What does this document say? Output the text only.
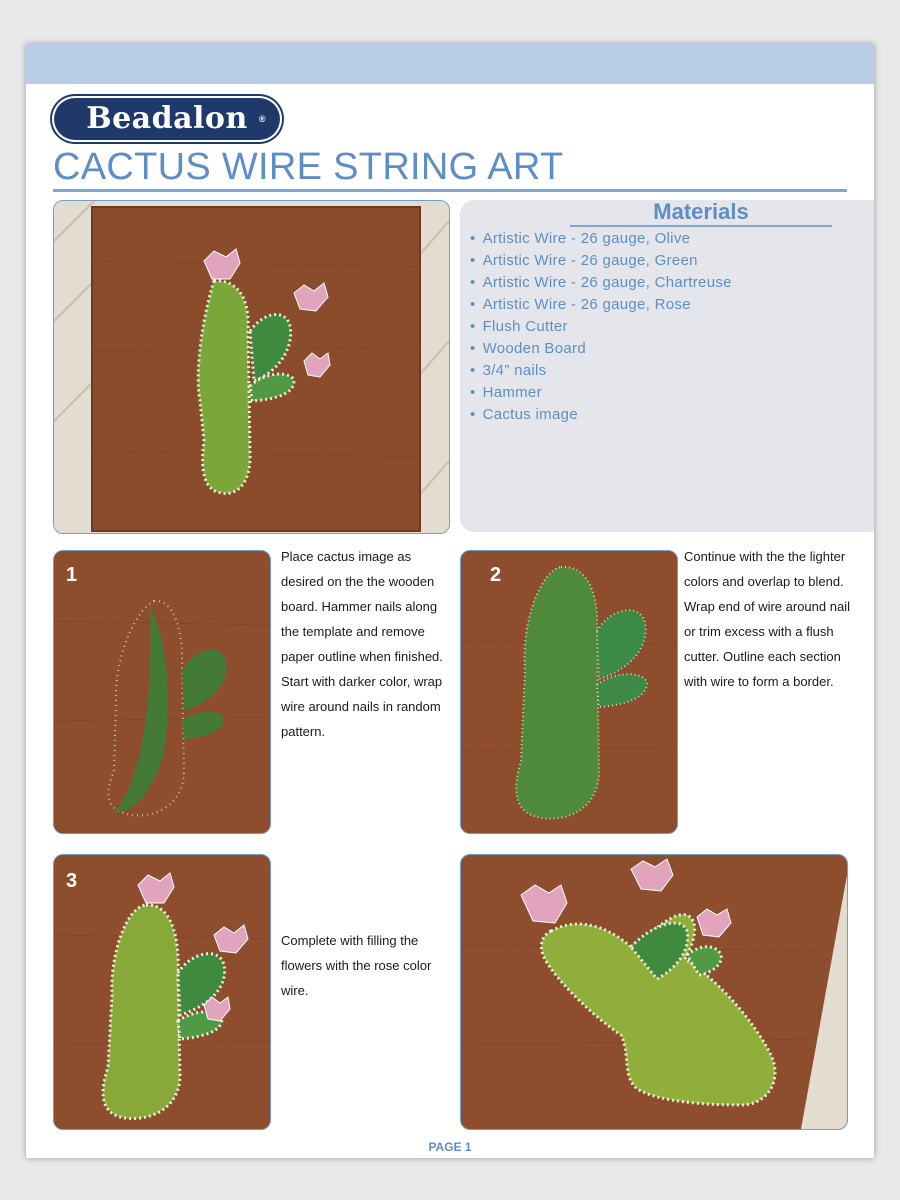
Beadalon	®
CACTUS WIRE STRING ART
Materials
• Artistic Wire - 26 gauge, Olive
• Artistic Wire - 26 gauge, Green
• Artistic Wire - 26 gauge, Chartreuse
• Artistic Wire - 26 gauge, Rose
• Flush Cutter
• Wooden Board
• 3/4” nails
• Hammer
• Cactus image
1
Place cactus image as desired on the the wooden board. Hammer nails along the template and remove paper outline when finished. Start with darker color, wrap wire around nails in random pattern.
2
Continue with the the lighter colors and overlap to blend.
Wrap end of wire around nail or trim excess with a flush cutter. Outline each section with wire to form a border.
3
Complete with filling the flowers with the rose color wire.
PAGE 1
